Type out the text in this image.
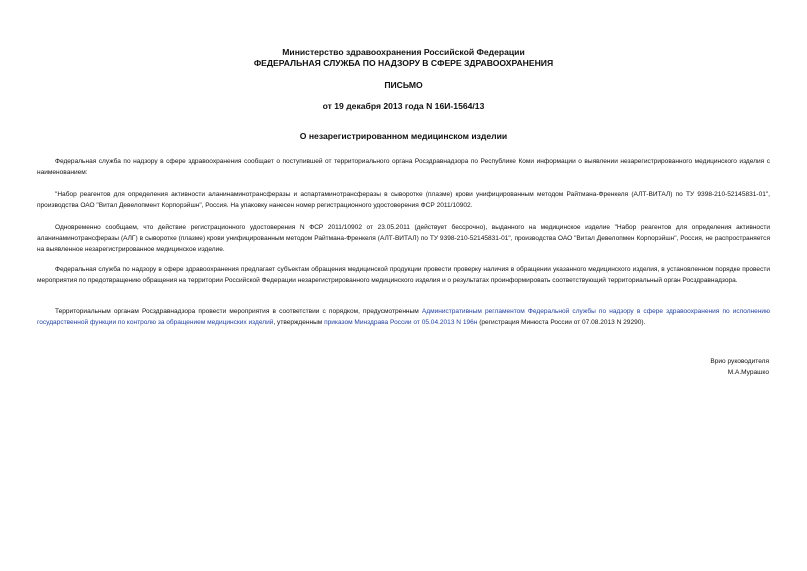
Министерство здравоохранения Российской Федерации
ФЕДЕРАЛЬНАЯ СЛУЖБА ПО НАДЗОРУ В СФЕРЕ ЗДРАВООХРАНЕНИЯ
ПИСЬМО
от 19 декабря 2013 года N 16И-1564/13
О незарегистрированном медицинском изделии
Федеральная служба по надзору в сфере здравоохранения сообщает о поступившей от территориального органа Росздравнадзора по Республике Коми информации о выявлении незарегистрированного медицинского изделия с наименованием:
"Набор реагентов для определения активности аланинаминотрансферазы и аспартаминотрансферазы в сыворотке (плазме) крови унифицированным методом Райтмана-Френкеля (АЛТ-ВИТАЛ) по ТУ 9398-210-52145831-01", производства ОАО "Витал Девелопмент Корпорэйшн", Россия. На упаковку нанесен номер регистрационного удостоверения ФСР 2011/10902.
Одновременно сообщаем, что действие регистрационного удостоверения N ФСР 2011/10902 от 23.05.2011 (действует бессрочно), выданного на медицинское изделие "Набор реагентов для определения активности аланинаминотрансферазы (АЛГ) в сыворотке (плазме) крови унифицированным методом Райтмана-Френкеля (АЛТ-ВИТАЛ) по ТУ 9398-210-52145831-01", производства ОАО "Витал Девелопмен Корпорэйшн", Россия, не распространяется на выявленное незарегистрированное медицинское изделие.
Федеральная служба по надзору в сфере здравоохранения предлагает субъектам обращения медицинской продукции провести проверку наличия в обращении указанного медицинского изделия, в установленном порядке провести мероприятия по предотвращению обращения на территории Российской Федерации незарегистрированного медицинского изделия и о результатах проинформировать соответствующий территориальный орган Росздравнадзора.
Территориальным органам Росздравнадзора провести мероприятия в соответствии с порядком, предусмотренным Административным регламентом Федеральной службы по надзору в сфере здравоохранения по исполнению государственной функции по контролю за обращением медицинских изделий, утвержденным приказом Минздрава России от 05.04.2013 N 196н (регистрация Минюста России от 07.08.2013 N 29290).
Врио руководителя
М.А.Мурашко
